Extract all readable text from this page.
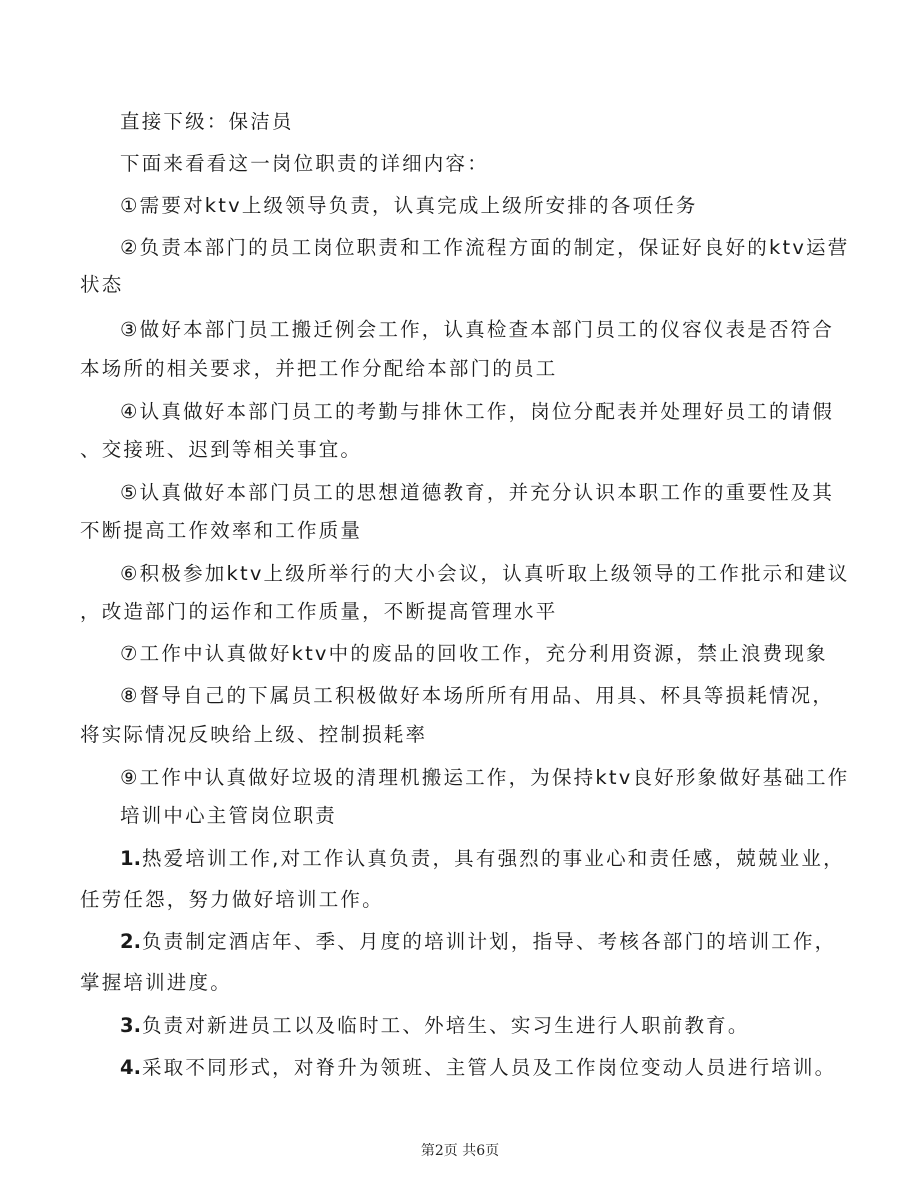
直接下级：保洁员
下面来看看这一岗位职责的详细内容：
①需要对ktv上级领导负责，认真完成上级所安排的各项任务
②负责本部门的员工岗位职责和工作流程方面的制定，保证好良好的ktv运营
状态
③做好本部门员工搬迁例会工作，认真检查本部门员工的仪容仪表是否符合
本场所的相关要求，并把工作分配给本部门的员工
④认真做好本部门员工的考勤与排休工作，岗位分配表并处理好员工的请假
、交接班、迟到等相关事宜。
⑤认真做好本部门员工的思想道德教育，并充分认识本职工作的重要性及其
不断提高工作效率和工作质量
⑥积极参加ktv上级所举行的大小会议，认真听取上级领导的工作批示和建议
，改造部门的运作和工作质量，不断提高管理水平
⑦工作中认真做好ktv中的废品的回收工作，充分利用资源，禁止浪费现象
⑧督导自己的下属员工积极做好本场所所有用品、用具、杯具等损耗情况，
将实际情况反映给上级、控制损耗率
⑨工作中认真做好垃圾的清理机搬运工作，为保持ktv良好形象做好基础工作
培训中心主管岗位职责
1.热爱培训工作,对工作认真负责，具有强烈的事业心和责任感，兢兢业业，
任劳任怨，努力做好培训工作。
2.负责制定酒店年、季、月度的培训计划，指导、考核各部门的培训工作，
掌握培训进度。
3.负责对新进员工以及临时工、外培生、实习生进行人职前教育。
4.采取不同形式，对脊升为领班、主管人员及工作岗位变动人员进行培训。
第2页 共6页
